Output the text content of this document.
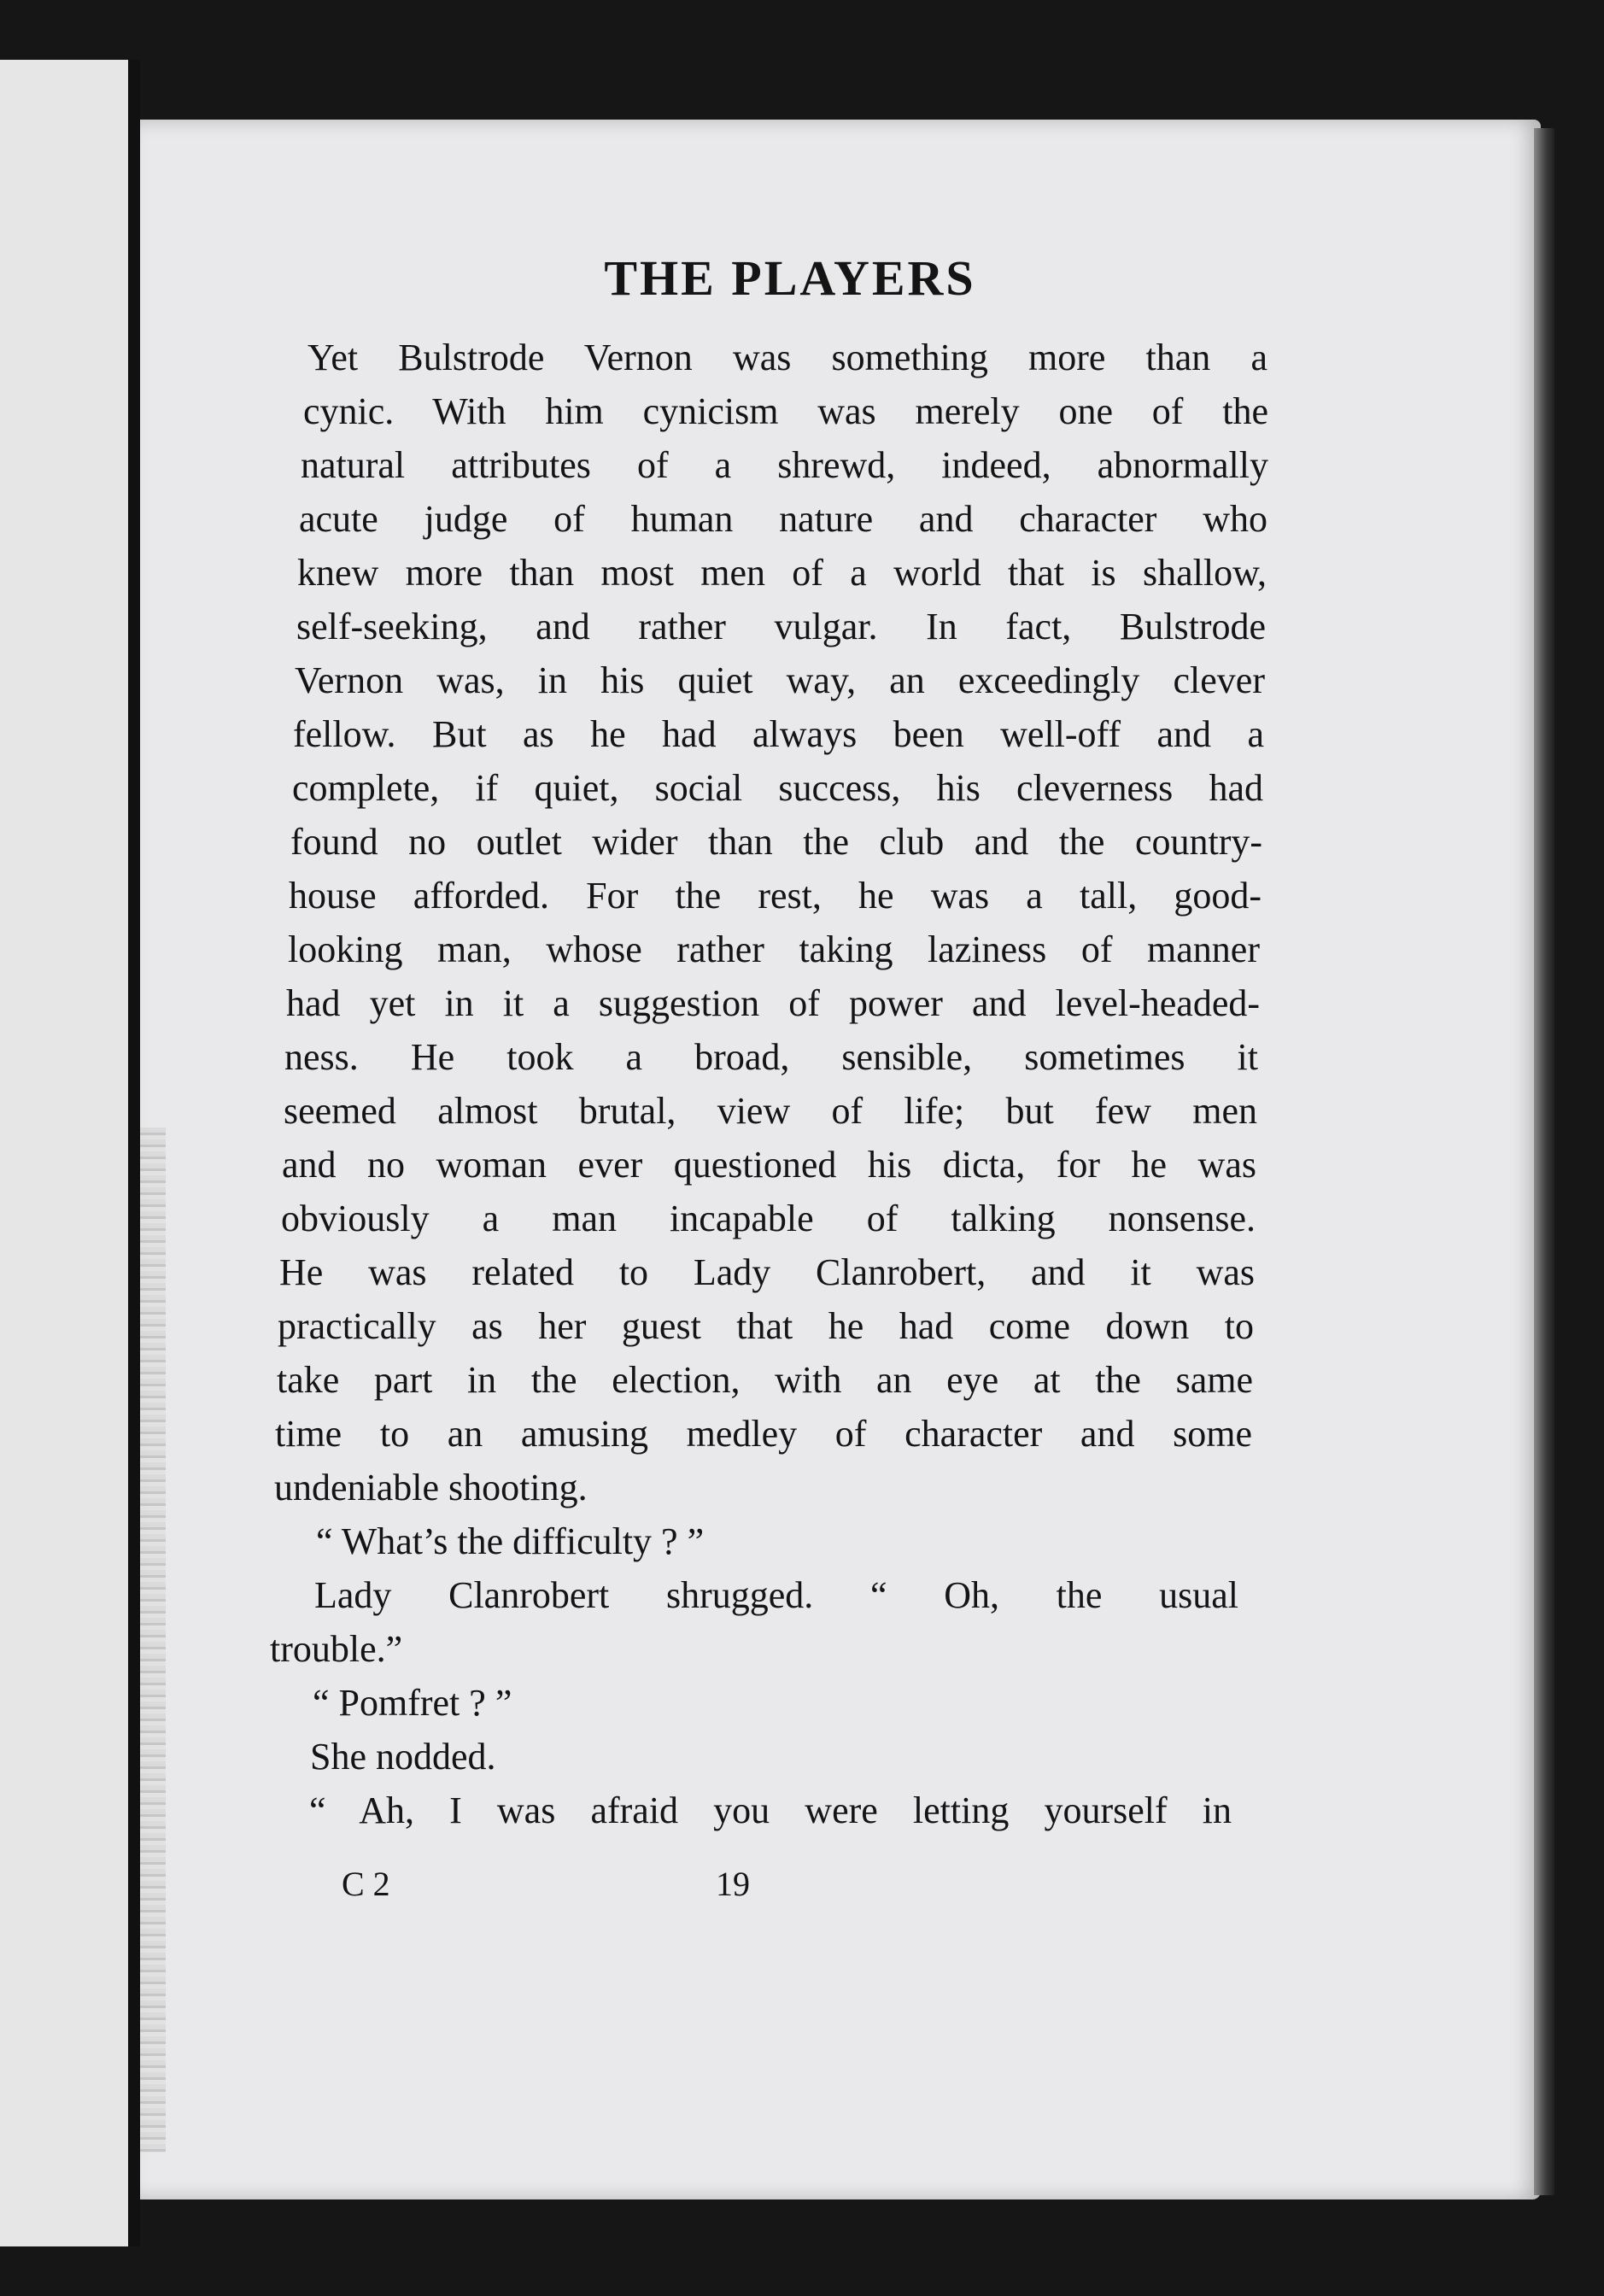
THE PLAYERS
Yet Bulstrode Vernon was something more than a
cynic. With him cynicism was merely one of the
natural attributes of a shrewd, indeed, abnormally
acute judge of human nature and character who
knew more than most men of a world that is shallow,
self-seeking, and rather vulgar. In fact, Bulstrode
Vernon was, in his quiet way, an exceedingly clever
fellow. But as he had always been well-off and a
complete, if quiet, social success, his cleverness had
found no outlet wider than the club and the country-
house afforded. For the rest, he was a tall, good-
looking man, whose rather taking laziness of manner
had yet in it a suggestion of power and level-headed-
ness. He took a broad, sensible, sometimes it
seemed almost brutal, view of life; but few men
and no woman ever questioned his dicta, for he was
obviously a man incapable of talking nonsense.
He was related to Lady Clanrobert, and it was
practically as her guest that he had come down to
take part in the election, with an eye at the same
time to an amusing medley of character and some
undeniable shooting.
“ What’s the difficulty ? ”
Lady Clanrobert shrugged. “ Oh, the usual
trouble.”
“ Pomfret ? ”
She nodded.
“ Ah, I was afraid you were letting yourself in
C 2	19
